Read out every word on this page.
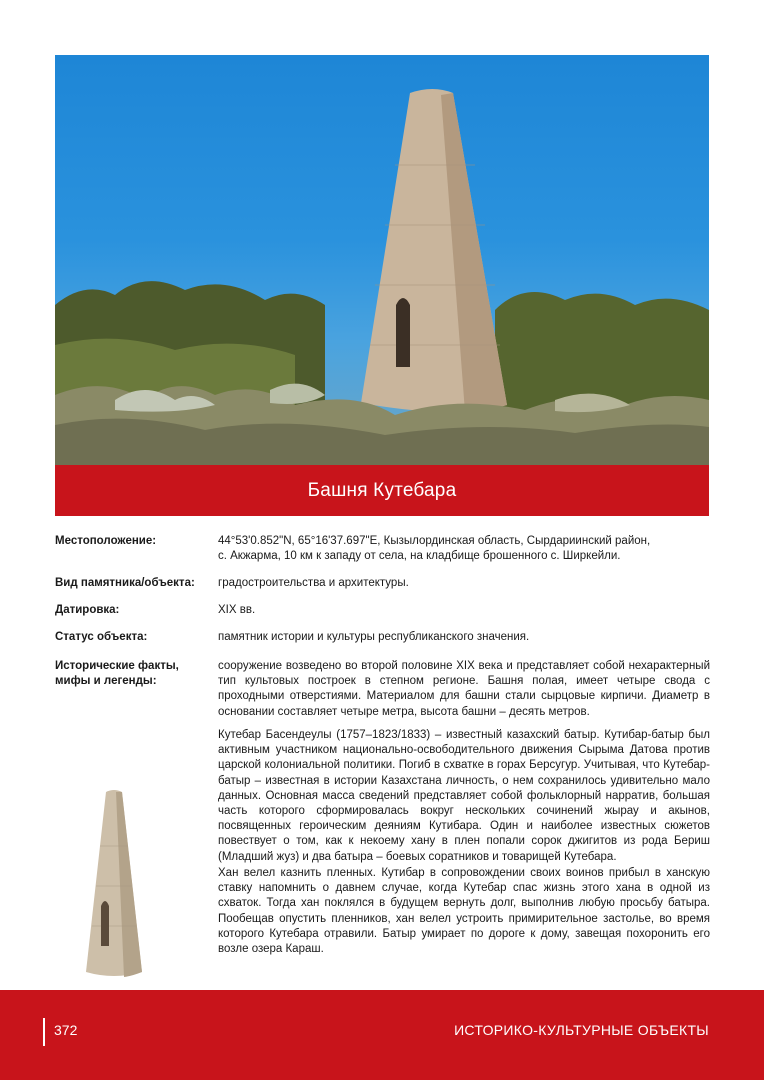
Башня Кутебара
Местоположение:	44°53'0.852"N, 65°16'37.697"E, Кызылординская область, Сырдариинский район,
с. Акжарма, 10 км к западу от села, на кладбище брошенного с. Ширкейли.
Вид памятника/объекта:	градостроительства и архитектуры.
Датировка:	XIX вв.
Статус объекта:	памятник истории и культуры республиканского значения.
Исторические факты, мифы и легенды:

сооружение возведено во второй половине XIX века и представляет собой нехарактерный тип культовых построек в степном регионе. Башня полая, имеет четыре свода с проходными отверстиями. Материалом для башни стали сырцовые кирпичи. Диаметр в основании составляет четыре метра, высота башни – десять метров.

Кутебар Басендеулы (1757–1823/1833) – известный казахский батыр. Кутибар-батыр был активным участником национально-освободительного движения Сырыма Датова против царской колониальной политики. Погиб в схватке в горах Берсугур. Учитывая, что Кутебар-батыр – известная в истории Казахстана личность, о нем сохранилось удивительно мало данных. Основная масса сведений представляет собой фольклорный нарратив, большая часть которого сформировалась вокруг нескольких сочинений жырау и акынов, посвященных героическим деяниям Кутибара. Один и наиболее известных сюжетов повествует о том, как к некоему хану в плен попали сорок джигитов из рода Бериш (Младший жуз) и два батыра – боевых соратников и товарищей Кутебара.

Хан велел казнить пленных. Кутибар в сопровождении своих воинов прибыл в ханскую ставку напомнить о давнем случае, когда Кутебар спас жизнь этого хана в одной из схваток. Тогда хан поклялся в будущем вернуть долг, выполнив любую просьбу батыра. Пообещав опустить пленников, хан велел устроить примирительное застолье, во время которого Кутебара отравили. Батыр умирает по дороге к дому, завещая похоронить его возле озера Караш.

372	ИСТОРИКО-КУЛЬТУРНЫЕ ОБЪЕКТЫ
